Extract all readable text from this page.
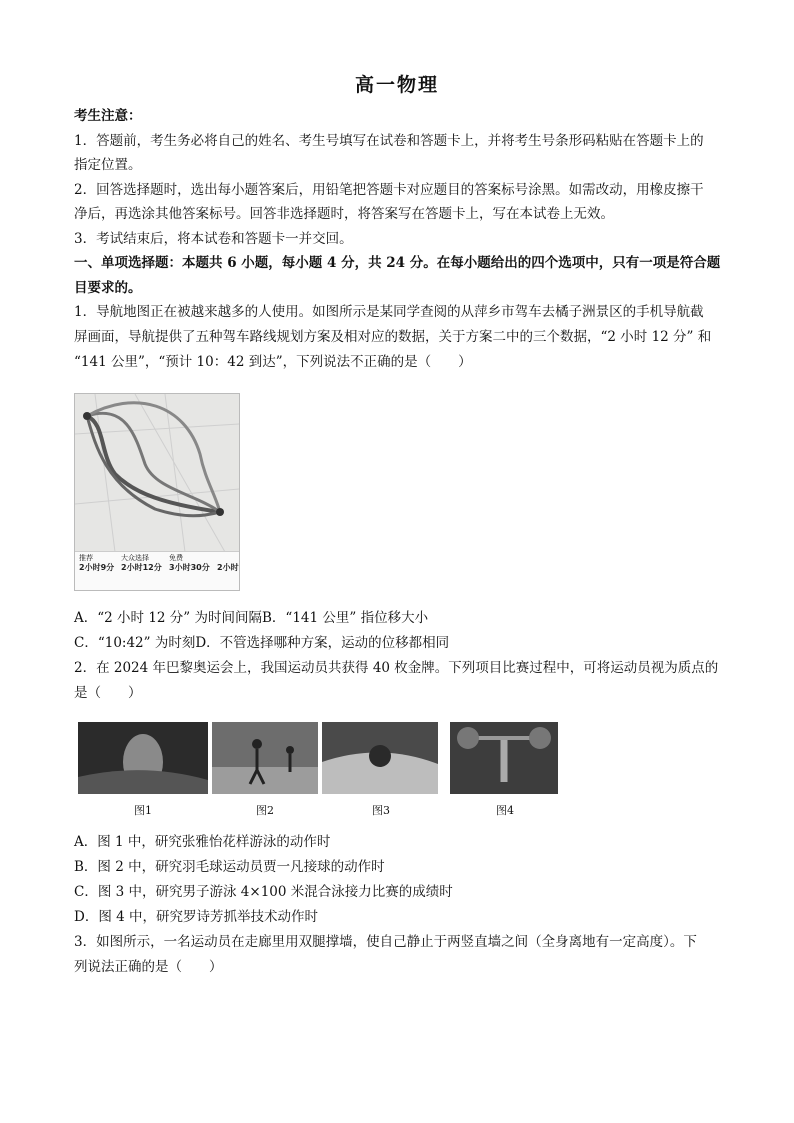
高一物理
考生注意：
1．答题前，考生务必将自己的姓名、考生号填写在试卷和答题卡上，并将考生号条形码粘贴在答题卡上的
指定位置。
2．回答选择题时，选出每小题答案后，用铅笔把答题卡对应题目的答案标号涂黑。如需改动，用橡皮擦干
净后，再选涂其他答案标号。回答非选择题时，将答案写在答题卡上，写在本试卷上无效。
3．考试结束后，将本试卷和答题卡一并交回。
一、单项选择题：本题共 6 小题，每小题 4 分，共 24 分。在每小题给出的四个选项中，只有一项是符合题
目要求的。
1．导航地图正在被越来越多的人使用。如图所示是某同学查阅的从萍乡市驾车去橘子洲景区的手机导航截
屏画面，导航提供了五种驾车路线规划方案及相对应的数据，关于方案二中的三个数据，“2 小时 12 分” 和
“141 公里”，“预计 10：42 到达”，下列说法不正确的是（　　）
推荐
2小时9分
大众选择
2小时12分
免费
3小时30分 2小时
A．“2 小时 12 分” 为时间间隔B．“141 公里” 指位移大小
C．“10:42” 为时刻D．不管选择哪种方案，运动的位移都相同
2．在 2024 年巴黎奥运会上，我国运动员共获得 40 枚金牌。下列项目比赛过程中，可将运动员视为质点的
是（　　）
图1	图2	图3	图4
A．图 1 中，研究张雅怡花样游泳的动作时
B．图 2 中，研究羽毛球运动员贾一凡接球的动作时
C．图 3 中，研究男子游泳 4×100 米混合泳接力比赛的成绩时
D．图 4 中，研究罗诗芳抓举技术动作时
3．如图所示，一名运动员在走廊里用双腿撑墙，使自己静止于两竖直墙之间（全身离地有一定高度）。下
列说法正确的是（　　）
